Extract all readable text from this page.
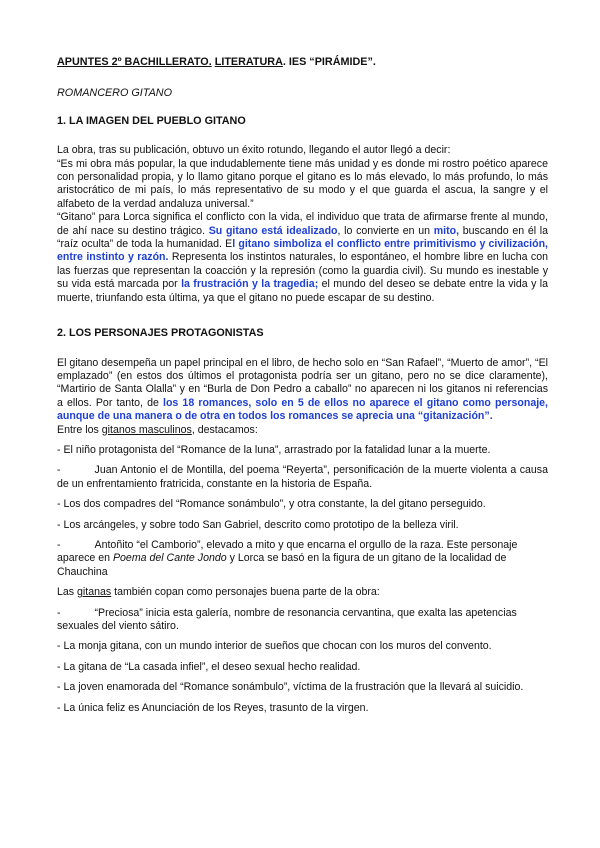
APUNTES 2º BACHILLERATO. LITERATURA. IES “PIRÁMIDE”.
ROMANCERO GITANO
1. LA IMAGEN DEL PUEBLO GITANO

La obra, tras su publicación, obtuvo un éxito rotundo, llegando el autor llegó a decir:

“Es mi obra más popular, la que indudablemente tiene más unidad y es donde mi rostro poético aparece con personalidad propia, y lo llamo gitano porque el gitano es lo más elevado, lo más profundo, lo más aristocrático de mi país, lo más representativo de su modo y el que guarda el ascua, la sangre y el alfabeto de la verdad andaluza universal.”

“Gitano” para Lorca significa el conflicto con la vida, el individuo que trata de afirmarse frente al mundo, de ahí nace su destino trágico. Su gitano está idealizado, lo convierte en un mito, buscando en él la “raíz oculta” de toda la humanidad. El gitano simboliza el conflicto entre primitivismo y civilización, entre instinto y razón. Representa los instintos naturales, lo espontáneo, el hombre libre en lucha con las fuerzas que representan la coacción y la represión (como la guardia civil). Su mundo es inestable y su vida está marcada por la frustración y la tragedia; el mundo del deseo se debate entre la vida y la muerte, triunfando esta última, ya que el gitano no puede escapar de su destino.

2. LOS PERSONAJES PROTAGONISTAS

El gitano desempeña un papel principal en el libro, de hecho solo en “San Rafael”, “Muerto de amor”, “El emplazado” (en estos dos últimos el protagonista podría ser un gitano, pero no se dice claramente), “Martirio de Santa Olalla” y en “Burla de Don Pedro a caballo” no aparecen ni los gitanos ni referencias a ellos. Por tanto, de los 18 romances, solo en 5 de ellos no aparece el gitano como personaje, aunque de una manera o de otra en todos los romances se aprecia una “gitanización”.

Entre los gitanos masculinos, destacamos:

- El niño protagonista del “Romance de la luna”, arrastrado por la fatalidad lunar a la muerte.

-	Juan Antonio el de Montilla, del poema “Reyerta”, personificación de la muerte violenta a causa de un enfrentamiento fratricida, constante en la historia de España.

- Los dos compadres del “Romance sonámbulo”, y otra constante, la del gitano perseguido.

- Los arcángeles, y sobre todo San Gabriel, descrito como prototipo de la belleza viril.

-	Antoñito “el Camborio”, elevado a mito y que encarna el orgullo de la raza. Este personaje aparece en Poema del Cante Jondo y Lorca se basó en la figura de un gitano de la localidad de Chauchina

Las gitanas también copan como personajes buena parte de la obra:

-	“Preciosa” inicia esta galería, nombre de resonancia cervantina, que exalta las apetencias sexuales del viento sátiro.

- La monja gitana, con un mundo interior de sueños que chocan con los muros del convento.

- La gitana de “La casada infiel”, el deseo sexual hecho realidad.

- La joven enamorada del “Romance sonámbulo”, víctima de la frustración que la llevará al suicidio.

- La única feliz es Anunciación de los Reyes, trasunto de la virgen.
